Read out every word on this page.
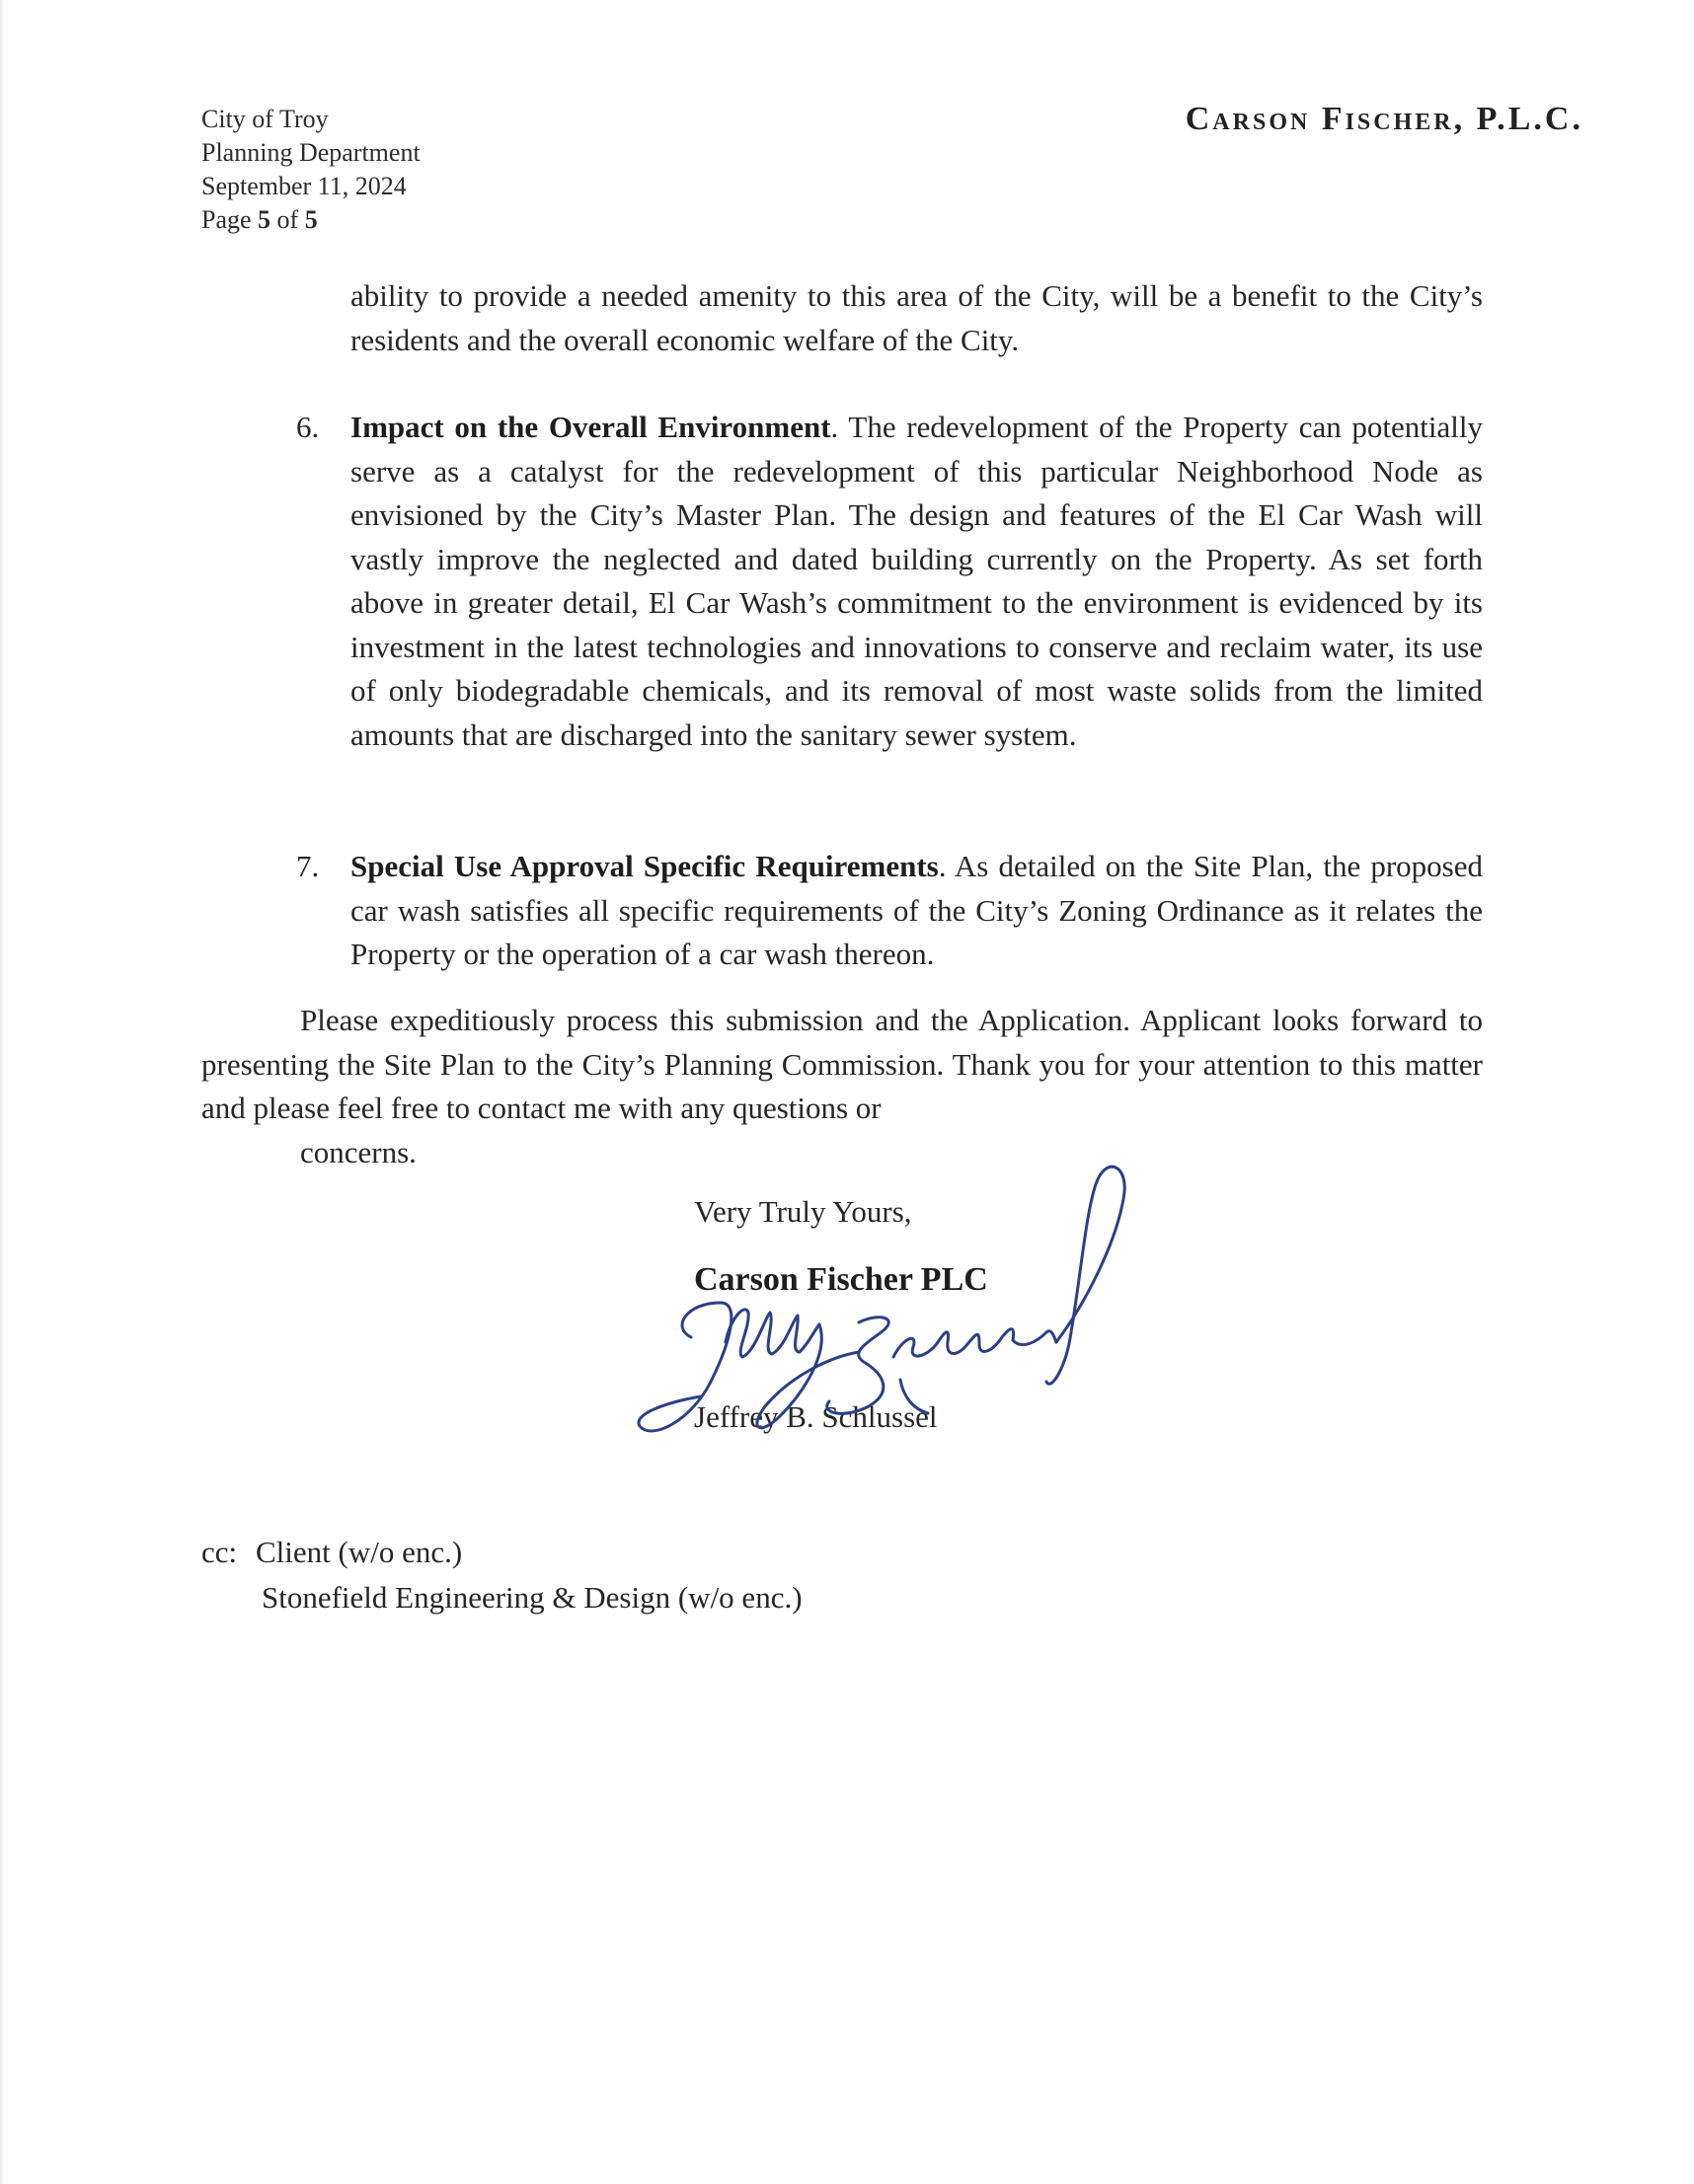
City of Troy
Planning Department
September 11, 2024
Page 5 of 5
Carson Fischer, P.L.C.
ability to provide a needed amenity to this area of the City, will be a benefit to the City’s residents and the overall economic welfare of the City.
6.	Impact on the Overall Environment. The redevelopment of the Property can potentially serve as a catalyst for the redevelopment of this particular Neighborhood Node as envisioned by the City’s Master Plan. The design and features of the El Car Wash will vastly improve the neglected and dated building currently on the Property. As set forth above in greater detail, El Car Wash’s commitment to the environment is evidenced by its investment in the latest technologies and innovations to conserve and reclaim water, its use of only biodegradable chemicals, and its removal of most waste solids from the limited amounts that are discharged into the sanitary sewer system.
7.	Special Use Approval Specific Requirements. As detailed on the Site Plan, the proposed car wash satisfies all specific requirements of the City’s Zoning Ordinance as it relates the Property or the operation of a car wash thereon.
Please expeditiously process this submission and the Application. Applicant looks forward to presenting the Site Plan to the City’s Planning Commission. Thank you for your attention to this matter and please feel free to contact me with any questions or
concerns.
Very Truly Yours,
Carson Fischer PLC
Jeffrey B. Schlussel
cc: Client (w/o enc.)
Stonefield Engineering & Design (w/o enc.)
